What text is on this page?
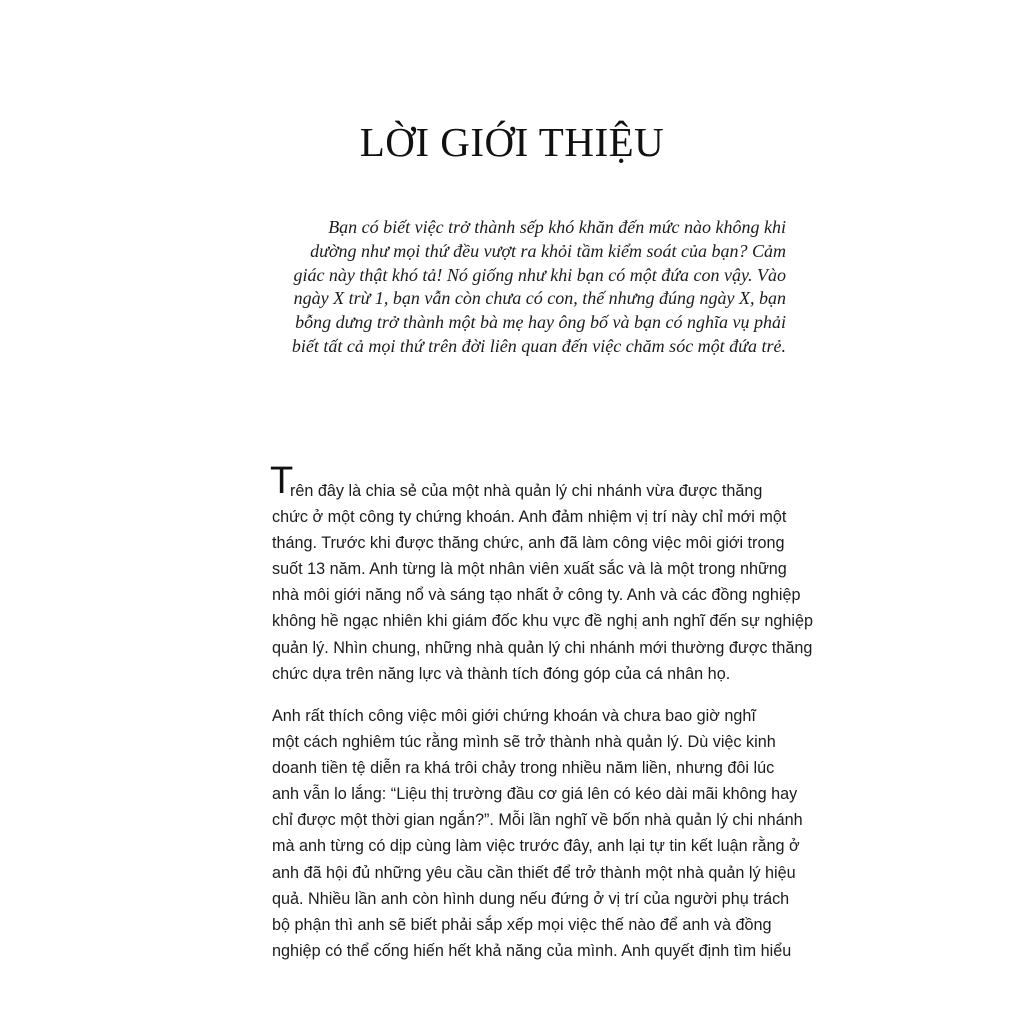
LỜI GIỚI THIỆU
Bạn có biết việc trở thành sếp khó khăn đến mức nào không khi
dường như mọi thứ đều vượt ra khỏi tầm kiểm soát của bạn? Cảm
giác này thật khó tả! Nó giống như khi bạn có một đứa con vậy. Vào
ngày X trừ 1, bạn vẫn còn chưa có con, thế nhưng đúng ngày X, bạn
bỗng dưng trở thành một bà mẹ hay ông bố và bạn có nghĩa vụ phải
biết tất cả mọi thứ trên đời liên quan đến việc chăm sóc một đứa trẻ.
T
rên đây là chia sẻ của một nhà quản lý chi nhánh vừa được thăng
chức ở một công ty chứng khoán. Anh đảm nhiệm vị trí này chỉ mới một
tháng. Trước khi được thăng chức, anh đã làm công việc môi giới trong
suốt 13 năm. Anh từng là một nhân viên xuất sắc và là một trong những
nhà môi giới năng nổ và sáng tạo nhất ở công ty. Anh và các đồng nghiệp
không hề ngạc nhiên khi giám đốc khu vực đề nghị anh nghĩ đến sự nghiệp
quản lý. Nhìn chung, những nhà quản lý chi nhánh mới thường được thăng
chức dựa trên năng lực và thành tích đóng góp của cá nhân họ.
Anh rất thích công việc môi giới chứng khoán và chưa bao giờ nghĩ
một cách nghiêm túc rằng mình sẽ trở thành nhà quản lý. Dù việc kinh
doanh tiền tệ diễn ra khá trôi chảy trong nhiều năm liền, nhưng đôi lúc
anh vẫn lo lắng: “Liệu thị trường đầu cơ giá lên có kéo dài mãi không hay
chỉ được một thời gian ngắn?”. Mỗi lần nghĩ về bốn nhà quản lý chi nhánh
mà anh từng có dịp cùng làm việc trước đây, anh lại tự tin kết luận rằng ở
anh đã hội đủ những yêu cầu cần thiết để trở thành một nhà quản lý hiệu
quả. Nhiều lần anh còn hình dung nếu đứng ở vị trí của người phụ trách
bộ phận thì anh sẽ biết phải sắp xếp mọi việc thế nào để anh và đồng
nghiệp có thể cống hiến hết khả năng của mình. Anh quyết định tìm hiểu
